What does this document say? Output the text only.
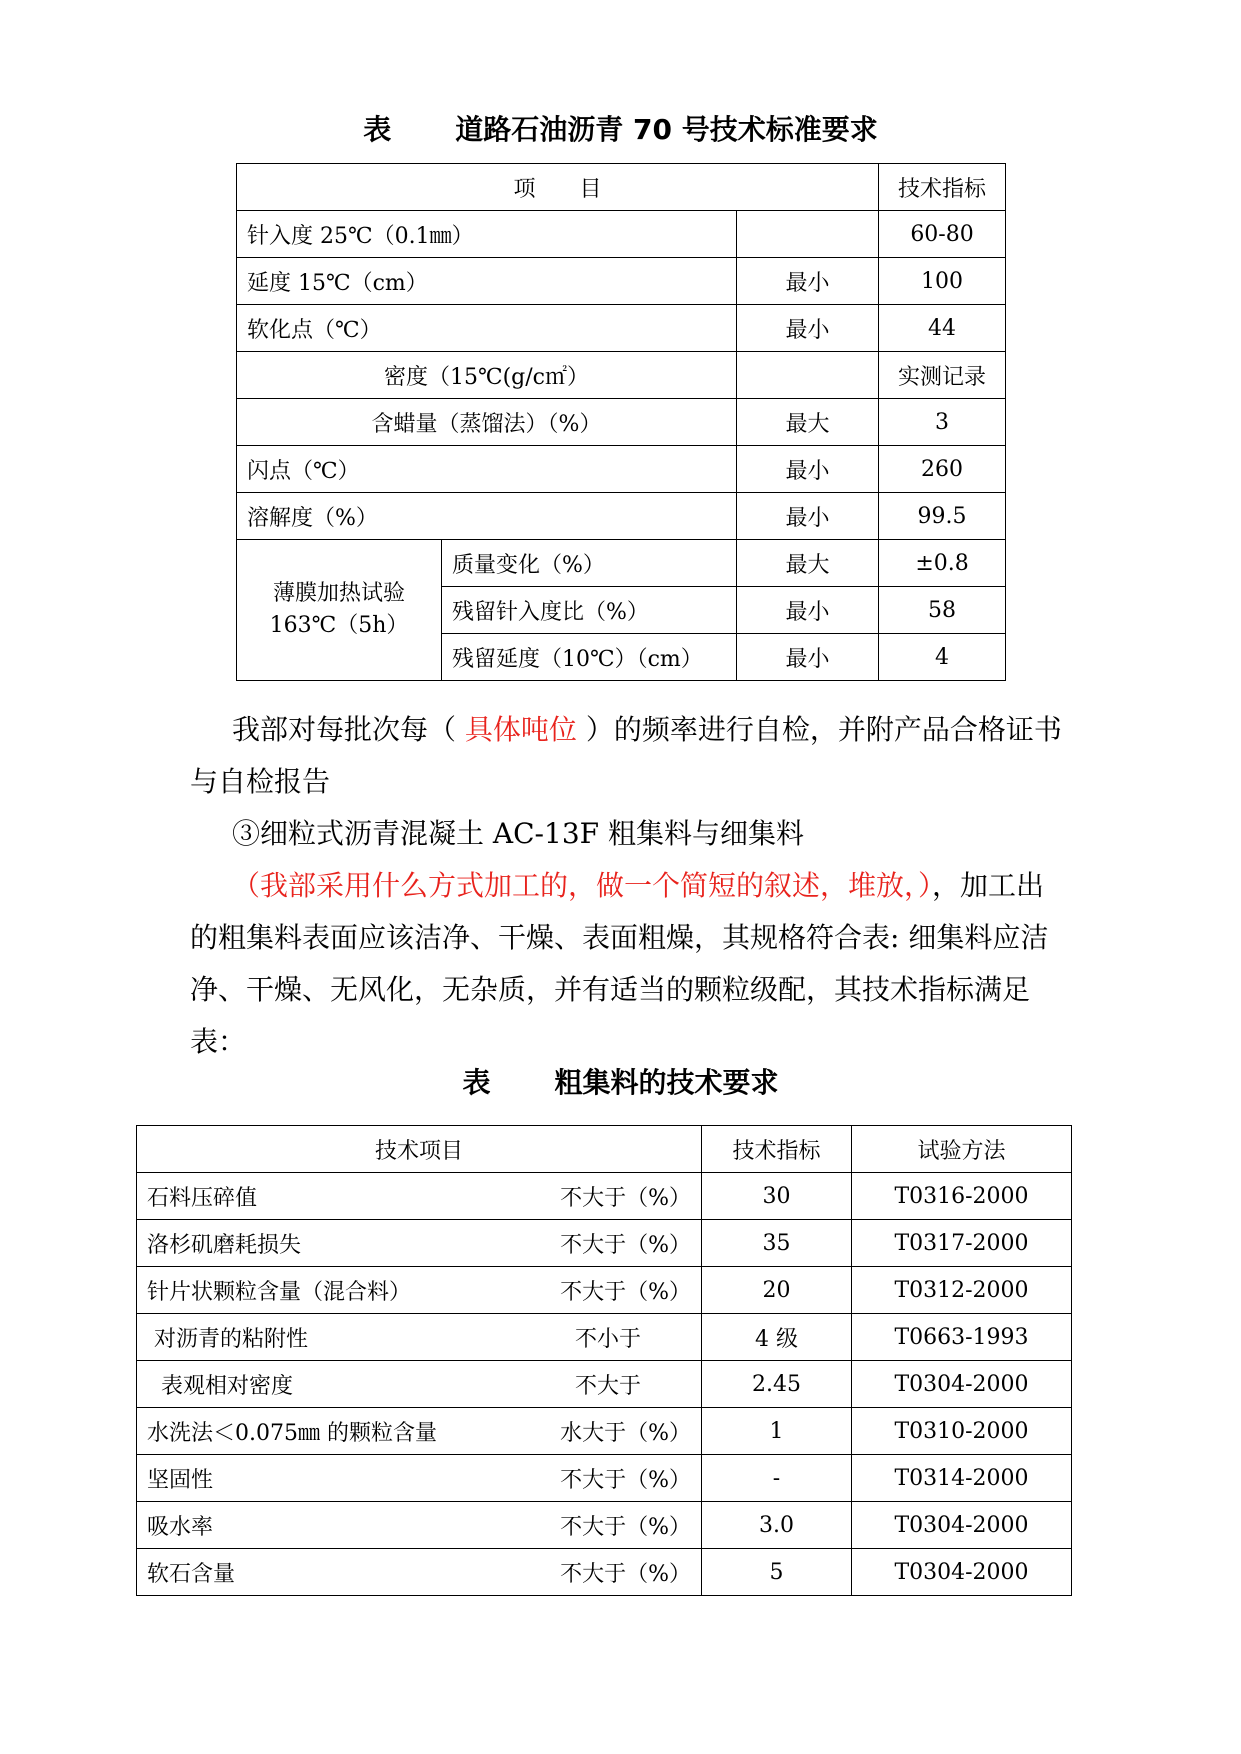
表 道路石油沥青 70 号技术标准要求
项　　目			技术指标
针入度 25℃（0.1㎜）			60-80
延度 15℃（cm）		最小	100
软化点（℃）		最小	44
密度（15℃(g/c㎡）			实测记录
含蜡量（蒸馏法）（%）		最大	3
闪点（℃）		最小	260
溶解度（%）		最小	99.5

薄膜加热试验
163℃（5h）	质量变化（%）	最大	±0.8
	残留针入度比（%）	最小	58
	残留延度（10℃）（cm）	最小	4
我部对每批次每（ 具体吨位 ）的频率进行自检，并附产品合格证书与自检报告
③细粒式沥青混凝土 AC-13F 粗集料与细集料
（我部采用什么方式加工的，做一个简短的叙述，堆放，），加工出的粗集料表面应该洁净、干燥、表面粗燥，其规格符合表: 细集料应洁净、干燥、无风化，无杂质，并有适当的颗粒级配，其技术指标满足表：
表 粗集料的技术要求
技术项目	技术指标	试验方法

石料压碎值 不大于（%）	30	T0316-2000

洛杉矶磨耗损失 不大于（%）	35	T0317-2000

针片状颗粒含量（混合料） 不大于（%）	20	T0312-2000

对沥青的粘附性 不小于	4 级	T0663-1993

表观相对密度 不大于	2.45	T0304-2000

水洗法＜0.075㎜ 的颗粒含量 水大于（%）	1	T0310-2000

坚固性 不大于（%）	-	T0314-2000

吸水率 不大于（%）	3.0	T0304-2000

软石含量 不大于（%）	5	T0304-2000
